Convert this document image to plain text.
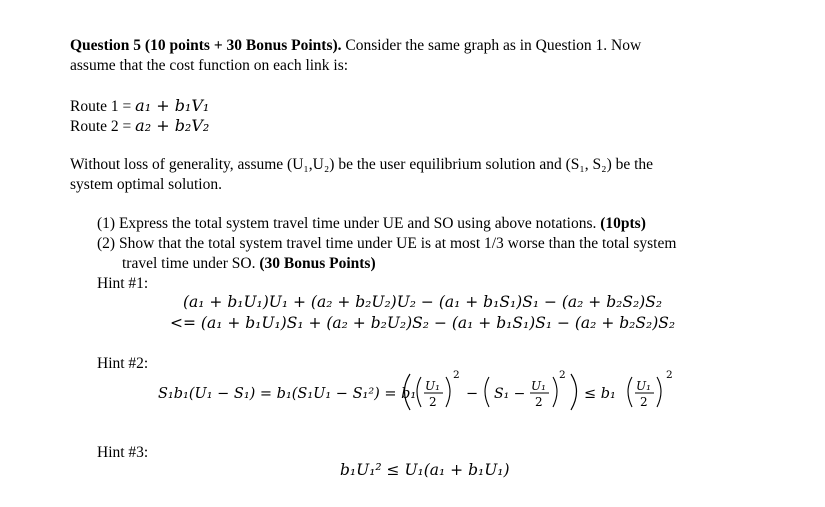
Question 5 (10 points + 30 Bonus Points). Consider the same graph as in Question 1. Now
assume that the cost function on each link is:
Route 1 = a₁ + b₁V₁
Route 2 = a₂ + b₂V₂
Without loss of generality, assume (U₁,U₂) be the user equilibrium solution and (S₁, S₂) be the
system optimal solution.
(1) Express the total system travel time under UE and SO using above notations. (10pts)
(2) Show that the total system travel time under UE is at most 1/3 worse than the total system
travel time under SO. (30 Bonus Points)
Hint #1:
(a₁ + b₁U₁)U₁ + (a₂ + b₂U₂)U₂ − (a₁ + b₁S₁)S₁ − (a₂ + b₂S₂)S₂
<= (a₁ + b₁U₁)S₁ + (a₂ + b₂U₂)S₂ − (a₁ + b₁S₁)S₁ − (a₂ + b₂S₂)S₂
Hint #2:
S₁b₁(U₁ − S₁) = b₁(S₁U₁ − S₁²) = b₁ U₁
2
2
− S₁ − U₁
2
2
≤ b₁ U₁
2
2
Hint #3:
b₁U₁² ≤ U₁(a₁ + b₁U₁)
